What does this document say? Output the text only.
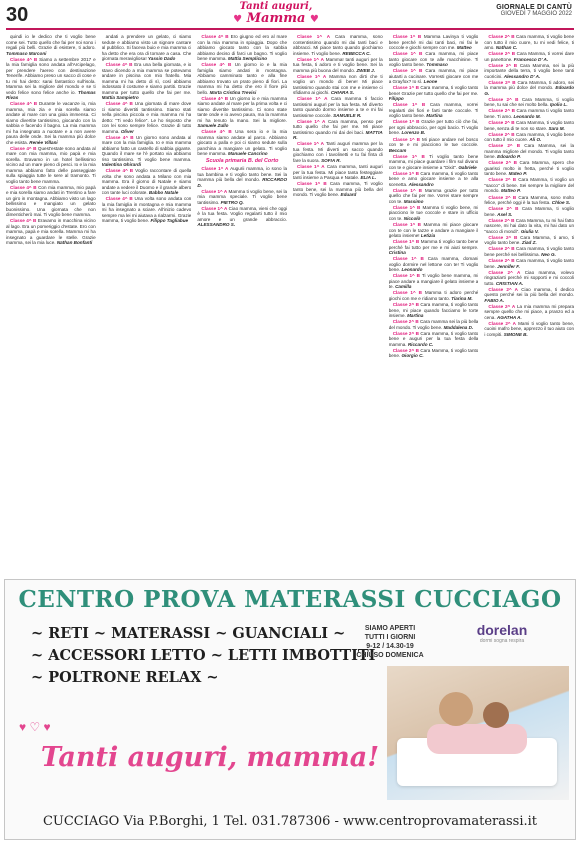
30	Tanti auguri,
♥ Mamma ♥
GIORNALE DI CANTÙ
GIOVEDÌ 7 MAGGIO 2022

quindi io le dedico che ti voglio bene come sei. Tutto quello che fai per noi sono i regali più belli. Grazie di esistere, ti adoro. Tommaso Marconi

Classe 4^ B Siamo a settembre 2017 e la mia famiglia sono andata all'Arcipelago, per prendere l'aereo con destinazione Tenerife. Abbiamo preso un sacco di cose e tu mi hai detto: sarai fantastico sull'isola. Mamma sei la migliore del mondo e se ti vedo felice sono felice anche io. Thomas Rivas

Classe 4^ B Durante le vacanze io, mia mamma, mia zia e mia sorella siamo andate al mare con una gioia immensa. Ci siamo divertite tantissimo, giocando con la sabbia e facendo il bagno. La mia mamma mi ha insegnato a nuotare e a non avere paura delle onde. Sei la mamma più dolce che esista. Renée Villani

Classe 4^ B Quest'estate sono andata al mare con mia mamma, mio papà e mia sorella. Eravamo in un hotel bellissimo vicino ad un mare pieno di pesci. Io e la mia mamma abbiamo fatto delle passeggiate sulla spiaggia tutte le sere al tramonto. Ti voglio tanto bene mamma.

Classe 4^ B Con mia mamma, mio papà e mia sorella siamo andati in Trentino a fare un giro in montagna. Abbiamo visto un lago bellissimo e mangiato un gelato buonissimo. Una giornata che non dimenticherò mai. Ti voglio bene mamma.

Classe 4^ B Eravamo in macchina vicino al lago. Era un pomeriggio d'estate. Ero con mamma, papà e mia sorella. Mamma mi ha insegnato a guardare le stelle. Grazie mamma, sei la mia luce. Nathan Bonfanti

andati a prendere un gelato, ci siamo sedute e abbiamo visto un signore cantare al pubblico. Si faceva buio e mia mamma ci ha detto che era ora di tornare a casa. Che giornata meravigliosa! Yassin Dado

Classe 4^ B Era una bella giornata, e io stavo dicendo a mia mamma se potevamo andare in piscina con mio fratello. Mia mamma mi ha detto di sì, così abbiamo indossato il costume e siamo partiti. Grazie mamma per tutto quello che fai per me. Mattia Sampietro

Classe 4^ B Una giornata di mare dove ci siamo divertiti tantissimo. Siamo stati nella piscina piccola e mia mamma mi ha detto: "Ti vedo felice". Le ho risposto che con lei sono sempre felice. Grazie di tutto mamma. Oliver

Classe 4^ B Un giorno sono andata al mare con la mia famiglia. Io e mia mamma abbiamo fatto un castello di sabbia gigante. Quando il mare se l'è portato via abbiamo riso tantissimo. Ti voglio bene mamma. Valentina Ghirardi

Classe 4^ B Voglio raccontare di quella volta che sono andata a Milano con mia mamma. Era il giorno di Natale e siamo andate a vedere il Duomo e il grande albero con tante luci colorate. Babbo Natale

Classe 4^ B Una volta sono andata con la mia famiglia in montagna e mia mamma mi ha insegnato a sciare. All'inizio cadevo sempre ma lei mi aiutava a rialzarmi. Grazie mamma, ti voglio bene. Filippo Tagliabue

Classe 4^ B Ero giugno ed ero al mare con la mia mamma in spiaggia. Dopo che abbiamo giocato tanto con la sabbia abbiamo deciso di farci un bagno. Ti voglio bene mamma. Mattia Semplicino

Classe 4^ B Un giorno io e la mia famiglia siamo andati in montagna. Abbiamo camminato tanto e alla fine abbiamo trovato un prato pieno di fiori. La mamma mi ha detto che ero il fiore più bello. Marta Cristina Trevisi

Classe 4^ B Un giorno io e mia mamma siamo andate al mare per la prima volta e ci siamo divertite tantissimo. Ci sono state tante onde e io avevo paura, ma la mamma mi ha tenuto la mano. Sei la migliore. Samuele Zullo

Classe 4^ B Una sera io e la mia mamma siamo andate al parco. Abbiamo giocato a palla e poi ci siamo sedute sulla panchina a mangiare un gelato. Ti voglio bene mamma. Manuele Cancrino

Scuola primaria B. del Corto

Classe 1^ A Augurii mamma, io sono la tua bambina e ti voglio tanto bene. Sei la mamma più bella del mondo. RICCARDO D.

Classe 1^ A Mamma ti voglio bene, sei la mia mamma speciale. Ti voglio bene tantissimo. PIETRO Q.

Classe 1^ A Ciao mamma, vieni che oggi è la tua festa. Voglio regalarti tutto il mio amore e un grande abbraccio. ALESSANDRO S.

Classe 1^ A Cara mamma, sono contentissimo quando mi dai tanti baci e abbracci. Mi piace tanto quando giochiamo insieme. Ti voglio bene. REBECCA C.

Classe 1^ A Mamma! tanti auguri per la tua festa, ti adoro e ti voglio bene. Sei la mamma più buona del mondo. ZWEB J.

Classe 1^ A Mamma non dirti che ti voglio un mondo di bene! Mi piace tantissimo quando stai con me e insieme ci sfidiamo ai giochi. CHIARA S.

Classe 1^ A Cara mamma ti faccio tantissimi auguri per la tua festa. Mi diverto tanto quando dormo insieme a te e mi fai tantissime coccole. SAMUELE R.

Classe 1^ A Cara mamma, penso per tutto quello che fai per me. Mi piace tantissimo quando mi dai dei baci. MATTIA R.

Classe 1^ A Tanti auguri mamma per la tua festa. Mi diverti un sacco quando giochiamo con i tavolinetti e tu fai finta di fare la suora. SOFIA R.

Classe 1^ A Cara mamma, tanti auguri per la tua festa. Mi piace tanta festeggiare tanti insieme a Pasqua e Natale. ELIA L.

Classe 1^ B Cara mamma, Ti voglio tanto bene, sei la mamma più bella del mondo. Ti voglio bene. Eduard

Classe 1^ B Mamma Lavinya ti voglio bene perché mi dai tanti baci, mi fai le coccole e giochi sempre con me. Matteo

Classe 1^ B Cara mamma, mi piace tanto giocare con te alle macchinine. Ti voglio tanto bene. Tommaso

Classe 1^ B Cara mamma, mi piace aiutarti a cucinare. Vorresti giocare con me a Grayfox? Io sì. Leone

Classe 1^ B Cara mamma, ti voglio tanto bene! Grazie per tutto quello che fai per me. Filippo

Classe 1^ B Cara mamma, vorrei regalarti dei fiori e farti tante coccole. Ti voglio tanto bene. Martina

Classe 1^ B Grazie per tutto ciò che fai, per ogni abbraccio, per ogni bacio. Ti voglio bene. Lorenzo B.

Classe 1^ B Mi piace andare nel bosco con te e mi piacciono le tue coccole. Beccam

Classe 1^ B Ti voglio tanto bene mamma, mi piace guardare i film sul divano con te e giocare insieme a "Dixit". Gabriele

Classe 1^ B Cara mamma, ti voglio tanto bene e amo giocare insieme a te alla scenetta. Alessandro

Classe 1^ B Mamma grazie per tutto quello che fai per me. Vorrei stare sempre con te. Massimo

Classe 1^ B Mamma ti voglio bene, mi piacciono le tue coccole e stare in ufficio con te. Niccolò

Classe 1^ B Mamma mi piace giocare con te con le tazze e andare a mangiare il gelato insieme! Letizia

Classe 1^ B Mamma ti voglio tanto bene perché fai tutto per me e mi aiuti sempre. Cristina

Classe 1^ B Cara mamma, domani voglio dormire nel lettone con te! Ti voglio bene. Leonardo

Classe 1^ B Ti voglio bene mamma, mi piace andare a mangiare il gelato insieme a te. Camilla

Classe 1^ B Mamma ti adoro perché giochi con me e ridiamo tanto. Tiarina M.

Classe 2^ B Cara mamma, ti voglio tanto bene, mi piace quando facciamo le torte insieme. Martina

Classe 2^ B Cara mamma sei la più bella del mondo. Ti voglio bene. Maddalena D.

Classe 2^ B Cara mamma, ti voglio tanto bene e auguri per la tua festa della mamma. Riccardo C.

Classe 2^ B Cara Mamma, ti voglio tanto bene. Giorgio C.

Classe 2^ B Cara mamma, ti voglio bene con tutto il mio cuore, tu mi vedi felice, ti amo. Nathan C.

Classe 2^ B Cara Mamma, ti vorrei dare un panettone. Francesco D' A.

Classe 2^ B Cara Mamma, sei la più importante della terra, ti voglio bene tanti cuoricini. Alessandro D' A.

Classe 2^ B Cara Mamma, ti adoro, sei la mamma più dolce del mondo. Edoardo G.

Classe 2^ B Cara Mamma, ti voglio bene, tu sai che sei molto bella. Ipolio L.

Classe 2^ B Cara mamma ti voglio tanto bene. Ti amo. Leonardo M.

Classe 2^ B Cara Mamma, ti voglio tanto bene, senza di te non so stare. Sara M.

Classe 2^ B Cara mamma, ti voglio bene con tutto il mio cuore. Ali O.

Classe 2^ B Cara Mamma, sei la mamma migliore del mondo. Ti voglio tanto bene. Edoardo P.

Classe 2^ B Cara Mamma, spero che guarisci molto in fretta, perché ti voglio tanto bene. Mateo P.

Classe 2^ B Cara Mamma, ti voglio un "sacco" di bene. Sei sempre la migliore del mondo. Matteo P.

Classe 2^ B Cara Mamma, sono molto felice, perché oggi è la tua festa. Chloe S.

Classe 2^ B Cara Mamma, ti voglio bene. Axel S.

Classe 2^ B Cara Mamma, tu mi hai fatto nascere, mi hai dato la vita, mi hai dato un "sacco di mondi". Giulia V.

Classe 2^ B Cara Mamma, ti amo, ti voglio tanto bene. Ziad Z.

Classe 2^ B Cara mamma, ti voglio tanto bene perché sei bellissima. Neo G.

Classe 2^ B Cara mamma, ti voglio tanto bene. Jennifer F.

Classe 2^ A Ciao mamma, volevo ringraziarti perché mi sopporti e mi coccoli tutto. CRISTIAN A.

Classe 2^ A Ciao mamma, ti dedico questo perché sei la più bella del mondo. FABIO A.

Classe 2^ A La mia mamma mi prepara sempre quello che mi piace, a pranzo ed a cena. AGATHA A.

Classe 2^ A Mami ti voglio tanto bene, cuoini mafro bene, apprezzo il tuo aiuto con i compiti. SIMONE B.

CENTRO PROVA MATERASSI CUCCIAGO
~ RETI ~ MATERASSI ~ GUANCIALI ~
~ ACCESSORI LETTO ~ LETTI IMBOTTITI
~ POLTRONE RELAX ~
SIAMO APERTI
TUTTI I GIORNI
9-12 / 14.30-19
CHIUSO DOMENICA
dorelan
dormi sogna respira
♥ ♡ ♥
Tanti auguri, mamma!
CUCCIAGO Via P.Borghi, 1 Tel. 031.787306 - www.centroprovamaterassi.it
